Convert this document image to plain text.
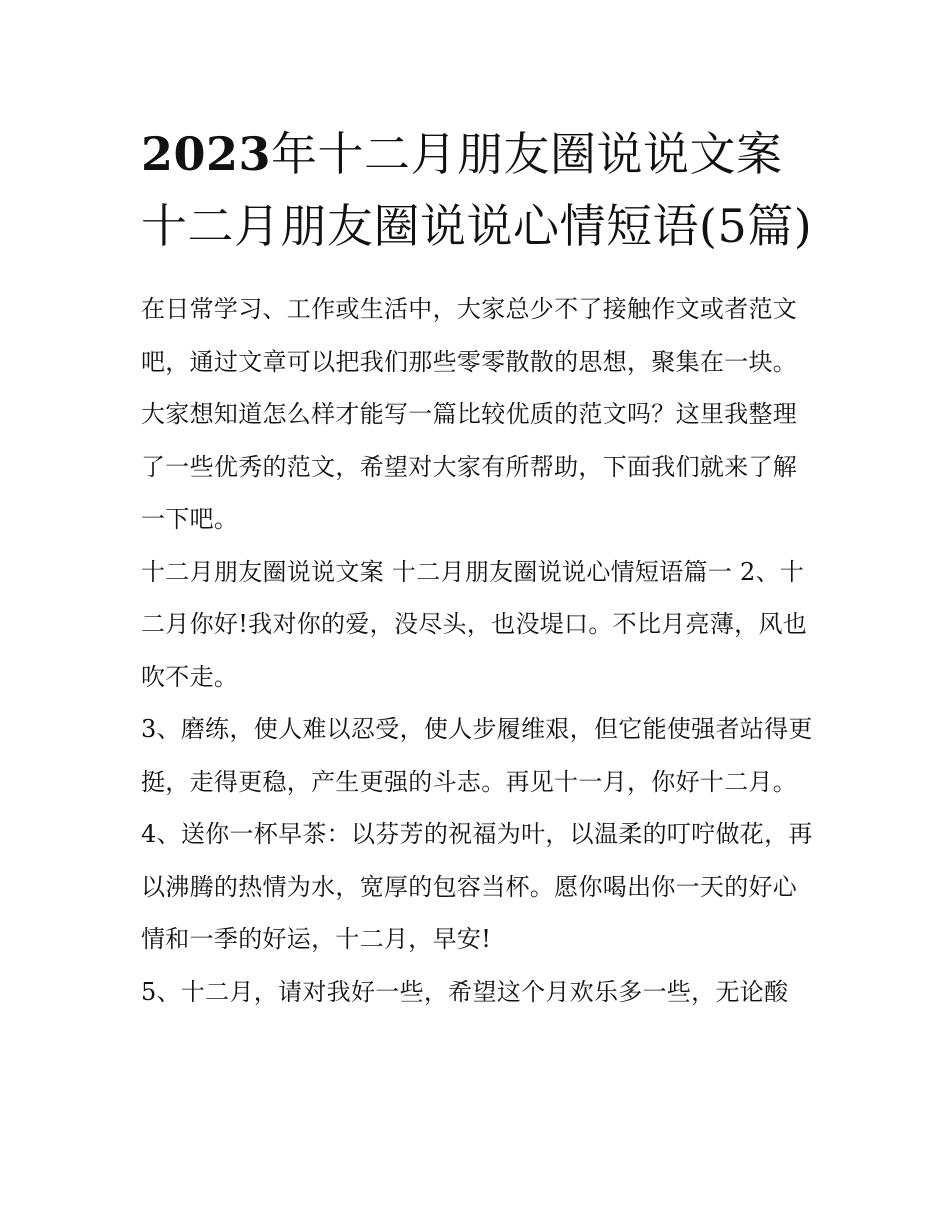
2023年十二月朋友圈说说文案十二月朋友圈说说心情短语(5篇)

在日常学习、工作或生活中，大家总少不了接触作文或者范文吧，通过文章可以把我们那些零零散散的思想，聚集在一块。大家想知道怎么样才能写一篇比较优质的范文吗？这里我整理了一些优秀的范文，希望对大家有所帮助，下面我们就来了解一下吧。

十二月朋友圈说说文案 十二月朋友圈说说心情短语篇一 2、十二月你好!我对你的爱，没尽头，也没堤口。不比月亮薄，风也吹不走。

3、磨练，使人难以忍受，使人步履维艰，但它能使强者站得更挺，走得更稳，产生更强的斗志。再见十一月，你好十二月。

4、送你一杯早茶：以芬芳的祝福为叶，以温柔的叮咛做花，再以沸腾的热情为水，宽厚的包容当杯。愿你喝出你一天的好心情和一季的好运，十二月，早安!

5、十二月，请对我好一些，希望这个月欢乐多一些，无论酸
